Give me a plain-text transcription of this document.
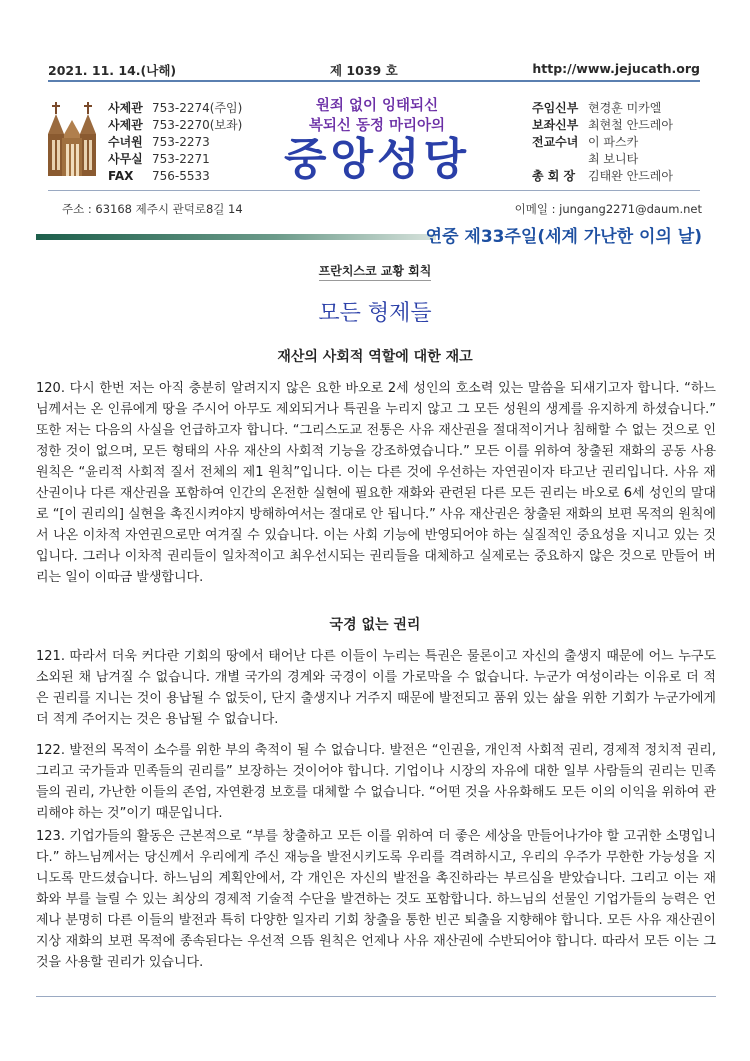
2021. 11. 14.(나해)	제 1039 호	http://www.jejucath.org
사제관 753-2274(주임)
사제관 753-2270(보좌)
수녀원 753-2273
사무실 753-2271
FAX 756-5533
원죄 없이 잉태되신
복되신 동정 마리아의
중앙성당
주임신부 현경훈 미카엘
보좌신부 최현철 안드레아
전교수녀 이 파스카
최 보니타
총 회 장 김태완 안드레아
주소 : 63168 제주시 관덕로8길 14	이메일 : jungang2271@daum.net
연중 제33주일(세계 가난한 이의 날)
프란치스코 교황 회칙
모든 형제들
재산의 사회적 역할에 대한 재고
120. 다시 한번 저는 아직 충분히 알려지지 않은 요한 바오로 2세 성인의 호소력 있는 말씀을 되새기고자 합니다. “하느님께서는 온 인류에게 땅을 주시어 아무도 제외되거나 특권을 누리지 않고 그 모든 성원의 생계를 유지하게 하셨습니다.” 또한 저는 다음의 사실을 언급하고자 합니다. “그리스도교 전통은 사유 재산권을 절대적이거나 침해할 수 없는 것으로 인정한 것이 없으며, 모든 형태의 사유 재산의 사회적 기능을 강조하였습니다.” 모든 이를 위하여 창출된 재화의 공동 사용 원칙은 “윤리적 사회적 질서 전체의 제1 원칙”입니다. 이는 다른 것에 우선하는 자연권이자 타고난 권리입니다. 사유 재산권이나 다른 재산권을 포함하여 인간의 온전한 실현에 필요한 재화와 관련된 다른 모든 권리는 바오로 6세 성인의 말대로 “[이 권리의] 실현을 촉진시켜야지 방해하여서는 절대로 안 됩니다.” 사유 재산권은 창출된 재화의 보편 목적의 원칙에서 나온 이차적 자연권으로만 여겨질 수 있습니다. 이는 사회 기능에 반영되어야 하는 실질적인 중요성을 지니고 있는 것입니다. 그러나 이차적 권리들이 일차적이고 최우선시되는 권리들을 대체하고 실제로는 중요하지 않은 것으로 만들어 버리는 일이 이따금 발생합니다.
국경 없는 권리
121. 따라서 더욱 커다란 기회의 땅에서 태어난 다른 이들이 누리는 특권은 물론이고 자신의 출생지 때문에 어느 누구도 소외된 채 남겨질 수 없습니다. 개별 국가의 경계와 국경이 이를 가로막을 수 없습니다. 누군가 여성이라는 이유로 더 적은 권리를 지니는 것이 용납될 수 없듯이, 단지 출생지나 거주지 때문에 발전되고 품위 있는 삶을 위한 기회가 누군가에게 더 적게 주어지는 것은 용납될 수 없습니다.
122. 발전의 목적이 소수를 위한 부의 축적이 될 수 없습니다. 발전은 “인권을, 개인적 사회적 권리, 경제적 정치적 권리, 그리고 국가들과 민족들의 권리를” 보장하는 것이어야 합니다. 기업이나 시장의 자유에 대한 일부 사람들의 권리는 민족들의 권리, 가난한 이들의 존엄, 자연환경 보호를 대체할 수 없습니다. “어떤 것을 사유화해도 모든 이의 이익을 위하여 관리해야 하는 것”이기 때문입니다.
123. 기업가들의 활동은 근본적으로 “부를 창출하고 모든 이를 위하여 더 좋은 세상을 만들어나가야 할 고귀한 소명입니다.” 하느님께서는 당신께서 우리에게 주신 재능을 발전시키도록 우리를 격려하시고, 우리의 우주가 무한한 가능성을 지니도록 만드셨습니다. 하느님의 계획안에서, 각 개인은 자신의 발전을 촉진하라는 부르심을 받았습니다. 그리고 이는 재화와 부를 늘릴 수 있는 최상의 경제적 기술적 수단을 발견하는 것도 포함합니다. 하느님의 선물인 기업가들의 능력은 언제나 분명히 다른 이들의 발전과 특히 다양한 일자리 기회 창출을 통한 빈곤 퇴출을 지향해야 합니다. 모든 사유 재산권이 지상 재화의 보편 목적에 종속된다는 우선적 으뜸 원칙은 언제나 사유 재산권에 수반되어야 합니다. 따라서 모든 이는 그것을 사용할 권리가 있습니다.
